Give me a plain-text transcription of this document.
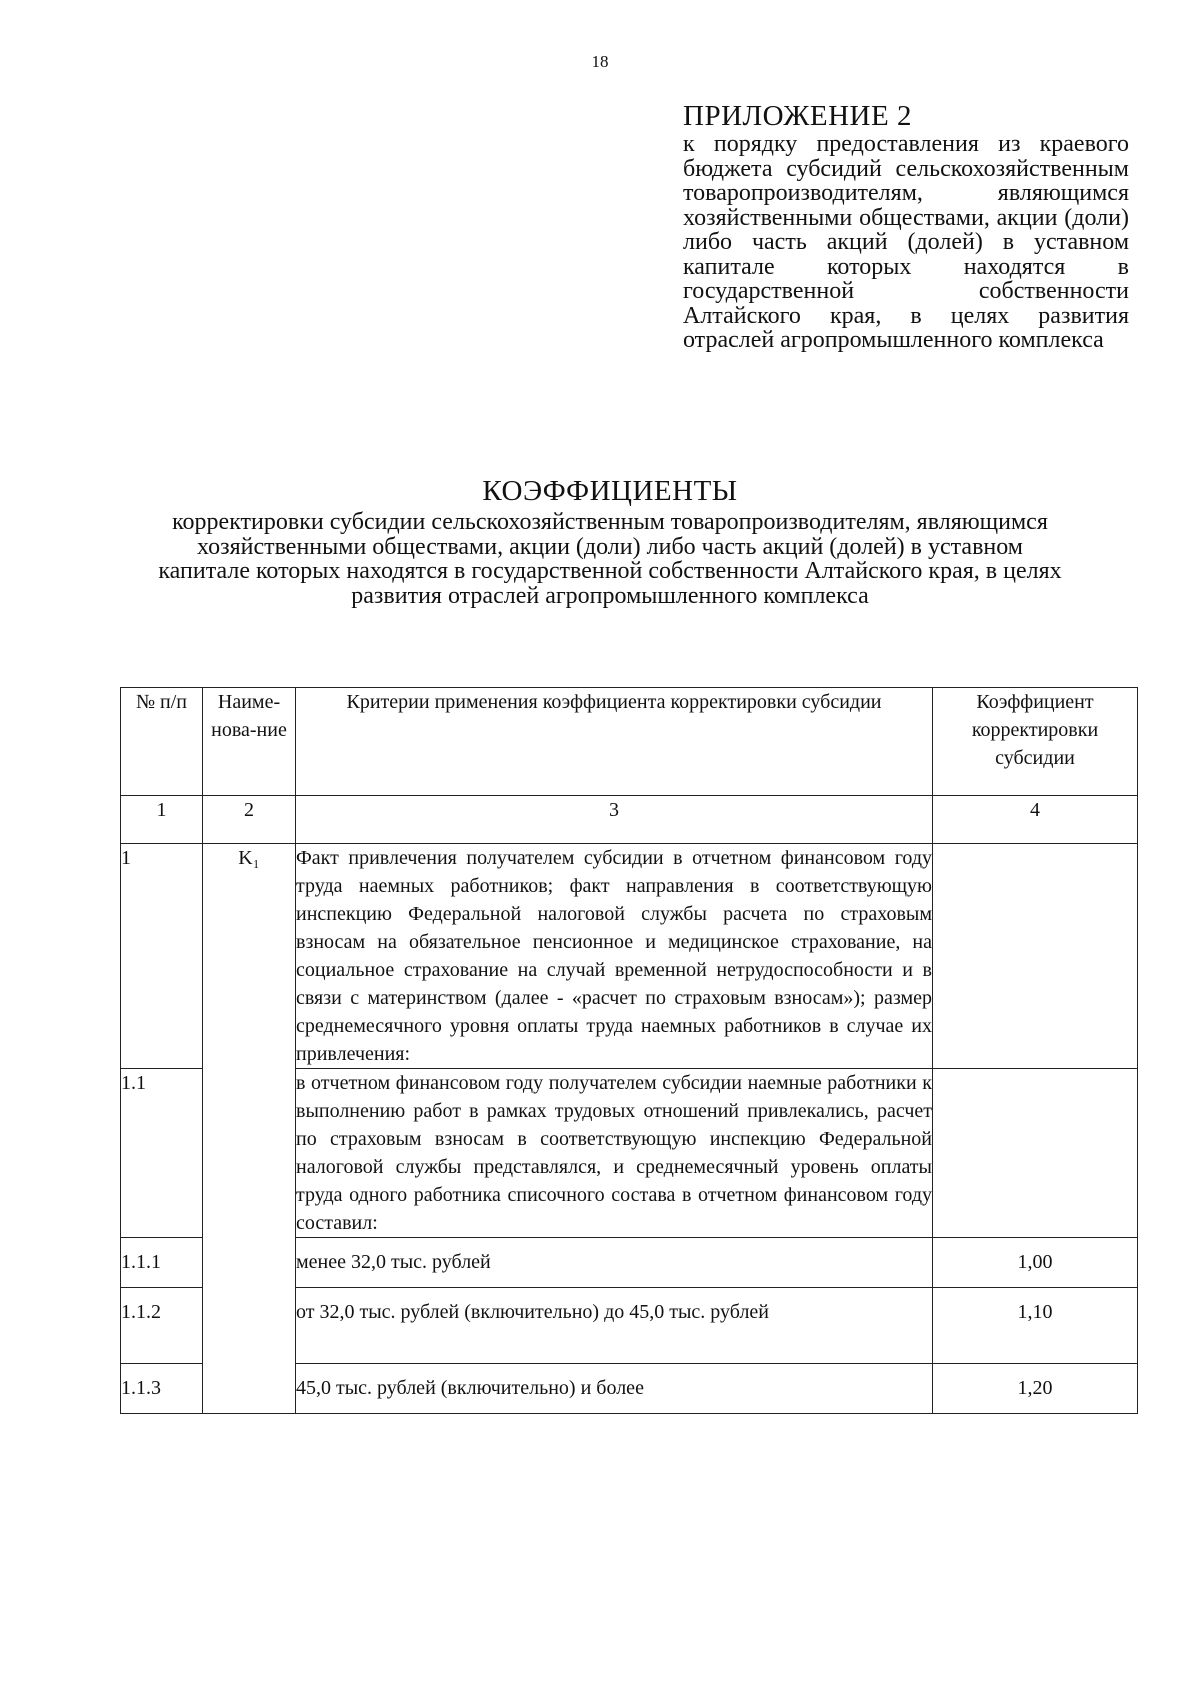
18
ПРИЛОЖЕНИЕ 2

к порядку предоставления из краевого бюджета субсидий сельскохозяйственным товаропроизводителям, являющимся хозяйственными обществами, акции (доли) либо часть акций (долей) в уставном капитале которых находятся в государственной собственности Алтайского края, в целях развития отраслей агропромышленного комплекса

КОЭФФИЦИЕНТЫ

корректировки субсидии сельскохозяйственным товаропроизводителям, являющимся хозяйственными обществами, акции (доли) либо часть акций (долей) в уставном капитале которых находятся в государственной собственности Алтайского края, в целях развития отраслей агропромышленного комплекса

№ п/п	Наиме-нова-ние	Критерии применения коэффициента корректировки субсидии	Коэффициент корректировки субсидии
1	2	3	4
1	K₁	Факт привлечения получателем субсидии в отчетном финансовом году труда наемных работников; факт направления в соответствующую инспекцию Федеральной налоговой службы расчета по страховым взносам на обязательное пенсионное и медицинское страхование, на социальное страхование на случай временной нетрудоспособности и в связи с материнством (далее - «расчет по страховым взносам»); размер среднемесячного уровня оплаты труда наемных работников в случае их привлечения:	
1.1		в отчетном финансовом году получателем субсидии наемные работники к выполнению работ в рамках трудовых отношений привлекались, расчет по страховым взносам в соответствующую инспекцию Федеральной налоговой службы представлялся, и среднемесячный уровень оплаты труда одного работника списочного состава в отчетном финансовом году составил:	
1.1.1		менее 32,0 тыс. рублей	1,00
1.1.2		от 32,0 тыс. рублей (включительно) до 45,0 тыс. рублей	1,10
1.1.3		45,0 тыс. рублей (включительно) и более	1,20
